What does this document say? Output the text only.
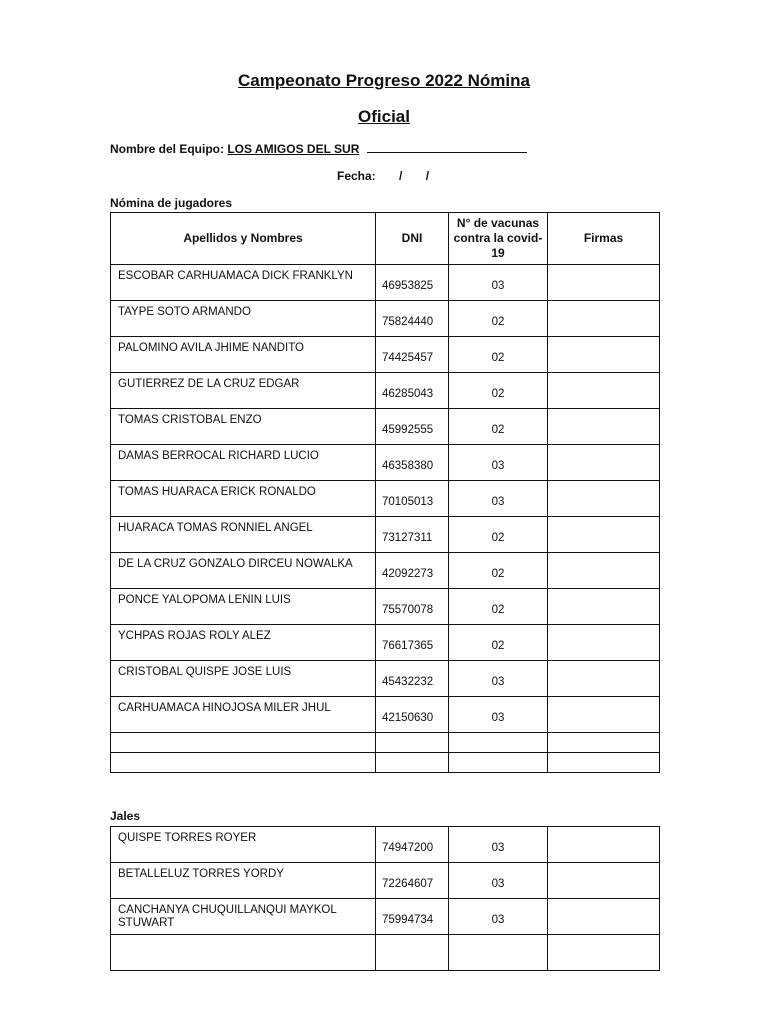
Campeonato Progreso 2022 Nómina
Oficial
Nombre del Equipo: LOS AMIGOS DEL SUR
Fecha: / /
Nómina de jugadores
Apellidos y Nombres	DNI	N° de vacunas contra la covid-19	Firmas
ESCOBAR CARHUAMACA DICK FRANKLYN	46953825	03	
TAYPE SOTO ARMANDO	75824440	02	
PALOMINO AVILA JHIME NANDITO	74425457	02	
GUTIERREZ DE LA CRUZ EDGAR	46285043	02	
TOMAS CRISTOBAL ENZO	45992555	02	
DAMAS BERROCAL RICHARD LUCIO	46358380	03	
TOMAS HUARACA ERICK RONALDO	70105013	03	
HUARACA TOMAS RONNIEL ANGEL	73127311	02	
DE LA CRUZ GONZALO DIRCEU NOWALKA	42092273	02	
PONCE YALOPOMA LENIN LUIS	75570078	02	
YCHPAS ROJAS ROLY ALEZ	76617365	02	
CRISTOBAL QUISPE JOSE LUIS	45432232	03	
CARHUAMACA HINOJOSA MILER JHUL	42150630	03	

Jales
QUISPE TORRES ROYER	74947200	03	
BETALLELUZ TORRES YORDY	72264607	03	
CANCHANYA CHUQUILLANQUI MAYKOL STUWART	75994734	03	
